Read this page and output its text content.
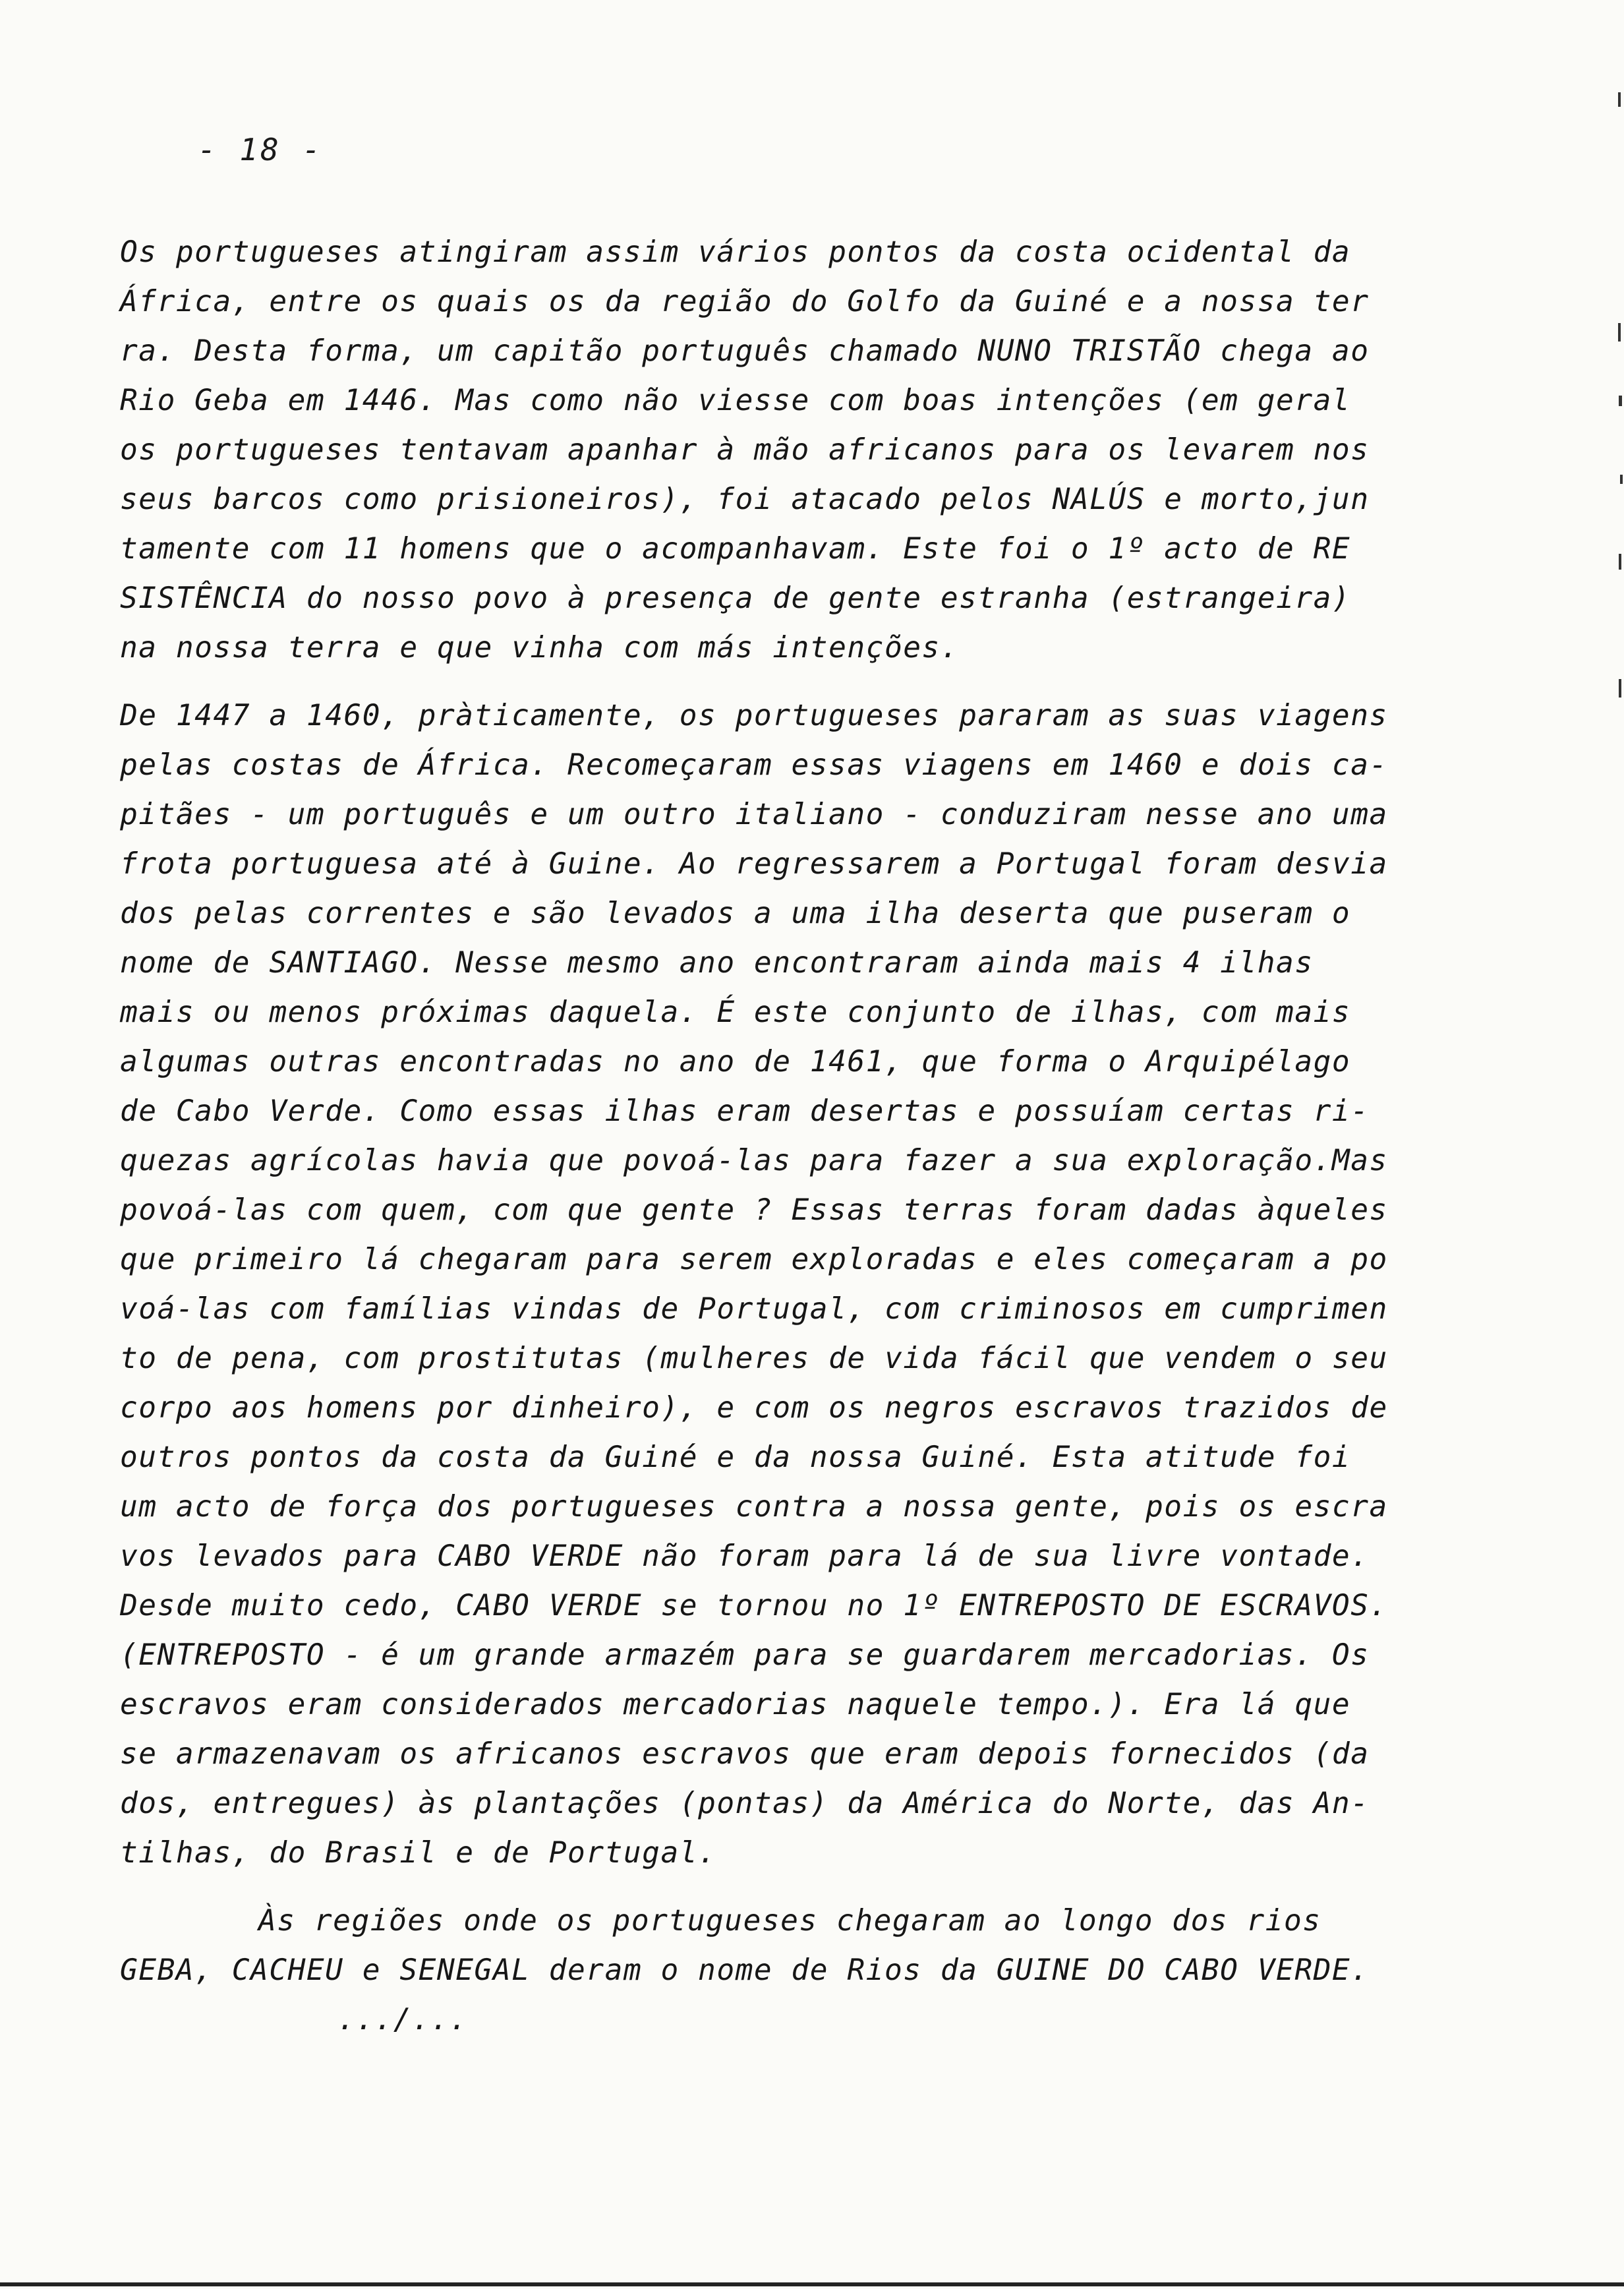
- 18 -
Os portugueses atingiram assim vários pontos da costa ocidental da
África, entre os quais os da região do Golfo da Guiné e a nossa ter
ra. Desta forma, um capitão português chamado NUNO TRISTÃO chega ao
Rio Geba em 1446. Mas como não viesse com boas intenções (em geral
os portugueses tentavam apanhar à mão africanos para os levarem nos
seus barcos como prisioneiros), foi atacado pelos NALÚS e morto,jun
tamente com 11 homens que o acompanhavam. Este foi o 1º acto de RE
SISTÊNCIA do nosso povo à presença de gente estranha (estrangeira)
na nossa terra e que vinha com más intenções.
De 1447 a 1460, pràticamente, os portugueses pararam as suas viagens
pelas costas de África. Recomeçaram essas viagens em 1460 e dois ca-
pitães - um português e um outro italiano - conduziram nesse ano uma
frota portuguesa até à Guine. Ao regressarem a Portugal foram desvia
dos pelas correntes e são levados a uma ilha deserta que puseram o
nome de SANTIAGO. Nesse mesmo ano encontraram ainda mais 4 ilhas
mais ou menos próximas daquela. É este conjunto de ilhas, com mais
algumas outras encontradas no ano de 1461, que forma o Arquipélago
de Cabo Verde. Como essas ilhas eram desertas e possuíam certas ri-
quezas agrícolas havia que povoá-las para fazer a sua exploração.Mas
povoá-las com quem, com que gente ? Essas terras foram dadas àqueles
que primeiro lá chegaram para serem exploradas e eles começaram a po
voá-las com famílias vindas de Portugal, com criminosos em cumprimen
to de pena, com prostitutas (mulheres de vida fácil que vendem o seu
corpo aos homens por dinheiro), e com os negros escravos trazidos de
outros pontos da costa da Guiné e da nossa Guiné. Esta atitude foi
um acto de força dos portugueses contra a nossa gente, pois os escra
vos levados para CABO VERDE não foram para lá de sua livre vontade.
Desde muito cedo, CABO VERDE se tornou no 1º ENTREPOSTO DE ESCRAVOS.
(ENTREPOSTO - é um grande armazém para se guardarem mercadorias. Os
escravos eram considerados mercadorias naquele tempo.). Era lá que
se armazenavam os africanos escravos que eram depois fornecidos (da
dos, entregues) às plantações (pontas) da América do Norte, das An-
tilhas, do Brasil e de Portugal.
Às regiões onde os portugueses chegaram ao longo dos rios
GEBA, CACHEU e SENEGAL deram o nome de Rios da GUINE DO CABO VERDE.
.../...
